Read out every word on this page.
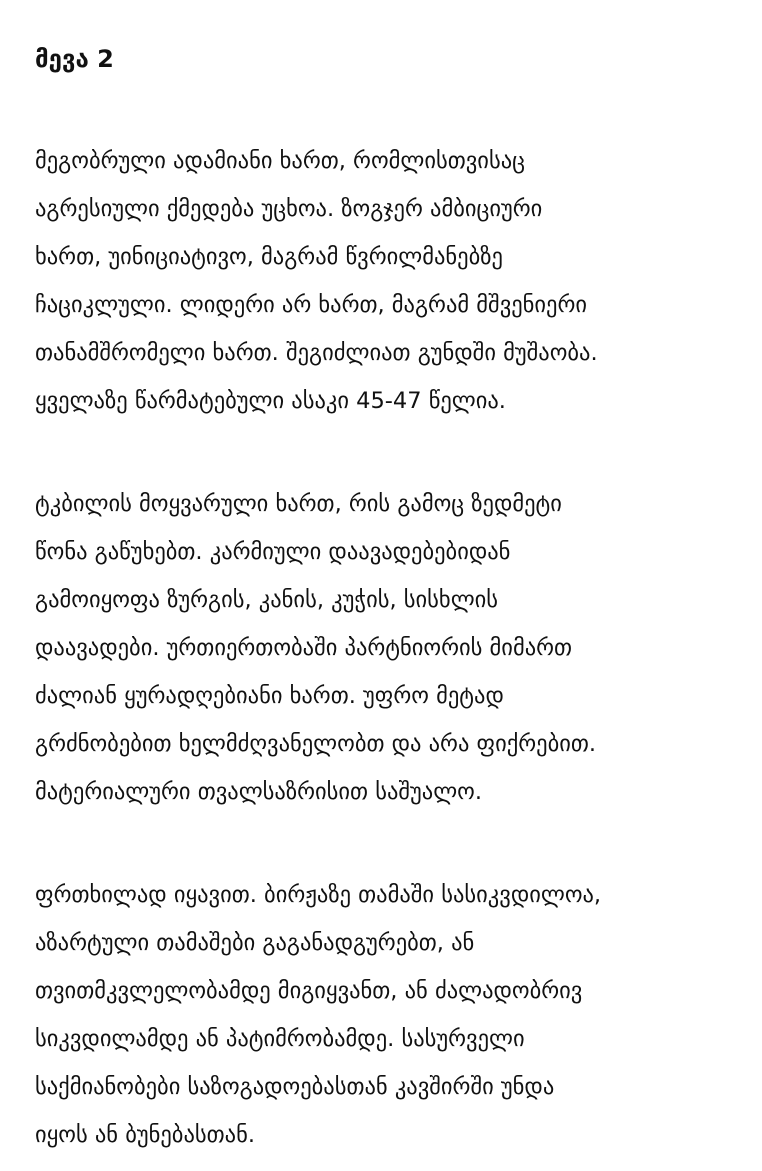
მევა 2

მეგობრული ადამიანი ხართ, რომლისთვისაც
აგრესიული ქმედება უცხოა. ზოგჯერ ამბიციური
ხართ, უინიციატივო, მაგრამ წვრილმანებზე
ჩაციკლული. ლიდერი არ ხართ, მაგრამ მშვენიერი
თანამშრომელი ხართ. შეგიძლიათ გუნდში მუშაობა.
ყველაზე წარმატებული ასაკი 45-47 წელია.

ტკბილის მოყვარული ხართ, რის გამოც ზედმეტი
წონა გაწუხებთ. კარმიული დაავადებებიდან
გამოიყოფა ზურგის, კანის, კუჭის, სისხლის
დაავადები. ურთიერთობაში პარტნიორის მიმართ
ძალიან ყურადღებიანი ხართ. უფრო მეტად
გრძნობებით ხელმძღვანელობთ და არა ფიქრებით.
მატერიალური თვალსაზრისით საშუალო.

ფრთხილად იყავით. ბირჟაზე თამაში სასიკვდილოა,
აზარტული თამაშები გაგანადგურებთ, ან
თვითმკვლელობამდე მიგიყვანთ, ან ძალადობრივ
სიკვდილამდე ან პატიმრობამდე. სასურველი
საქმიანობები საზოგადოებასთან კავშირში უნდა
იყოს ან ბუნებასთან.
